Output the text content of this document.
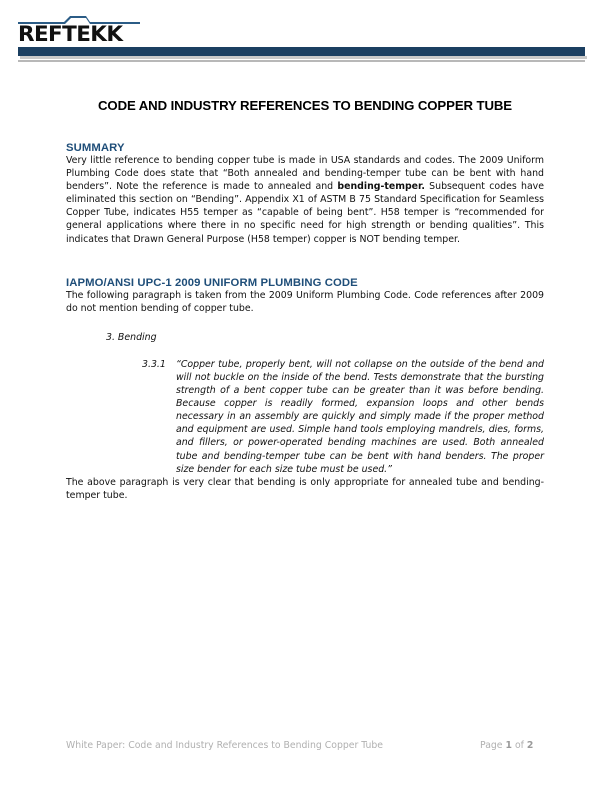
REFTEKK
CODE AND INDUSTRY REFERENCES TO BENDING COPPER TUBE
SUMMARY

Very little reference to bending copper tube is made in USA standards and codes. The 2009 Uniform Plumbing Code does state that “Both annealed and bending-temper tube can be bent with hand benders”. Note the reference is made to annealed and bending-temper. Subsequent codes have eliminated this section on “Bending”. Appendix X1 of ASTM B 75 Standard Specification for Seamless Copper Tube, indicates H55 temper as “capable of being bent”. H58 temper is “recommended for general applications where there in no specific need for high strength or bending qualities”. This indicates that Drawn General Purpose (H58 temper) copper is NOT bending temper.

IAPMO/ANSI UPC-1 2009 UNIFORM PLUMBING CODE

The following paragraph is taken from the 2009 Uniform Plumbing Code. Code references after 2009 do not mention bending of copper tube.

3. Bending
3.3.1	“Copper tube, properly bent, will not collapse on the outside of the bend and will not buckle on the inside of the bend. Tests demonstrate that the bursting strength of a bent copper tube can be greater than it was before bending. Because copper is readily formed, expansion loops and other bends necessary in an assembly are quickly and simply made if the proper method and equipment are used. Simple hand tools employing mandrels, dies, forms, and fillers, or power-operated bending machines are used. Both annealed tube and bending-temper tube can be bent with hand benders. The proper size bender for each size tube must be used.”

The above paragraph is very clear that bending is only appropriate for annealed tube and bending- temper tube.

White Paper: Code and Industry References to Bending Copper Tube	Page 1 of 2
